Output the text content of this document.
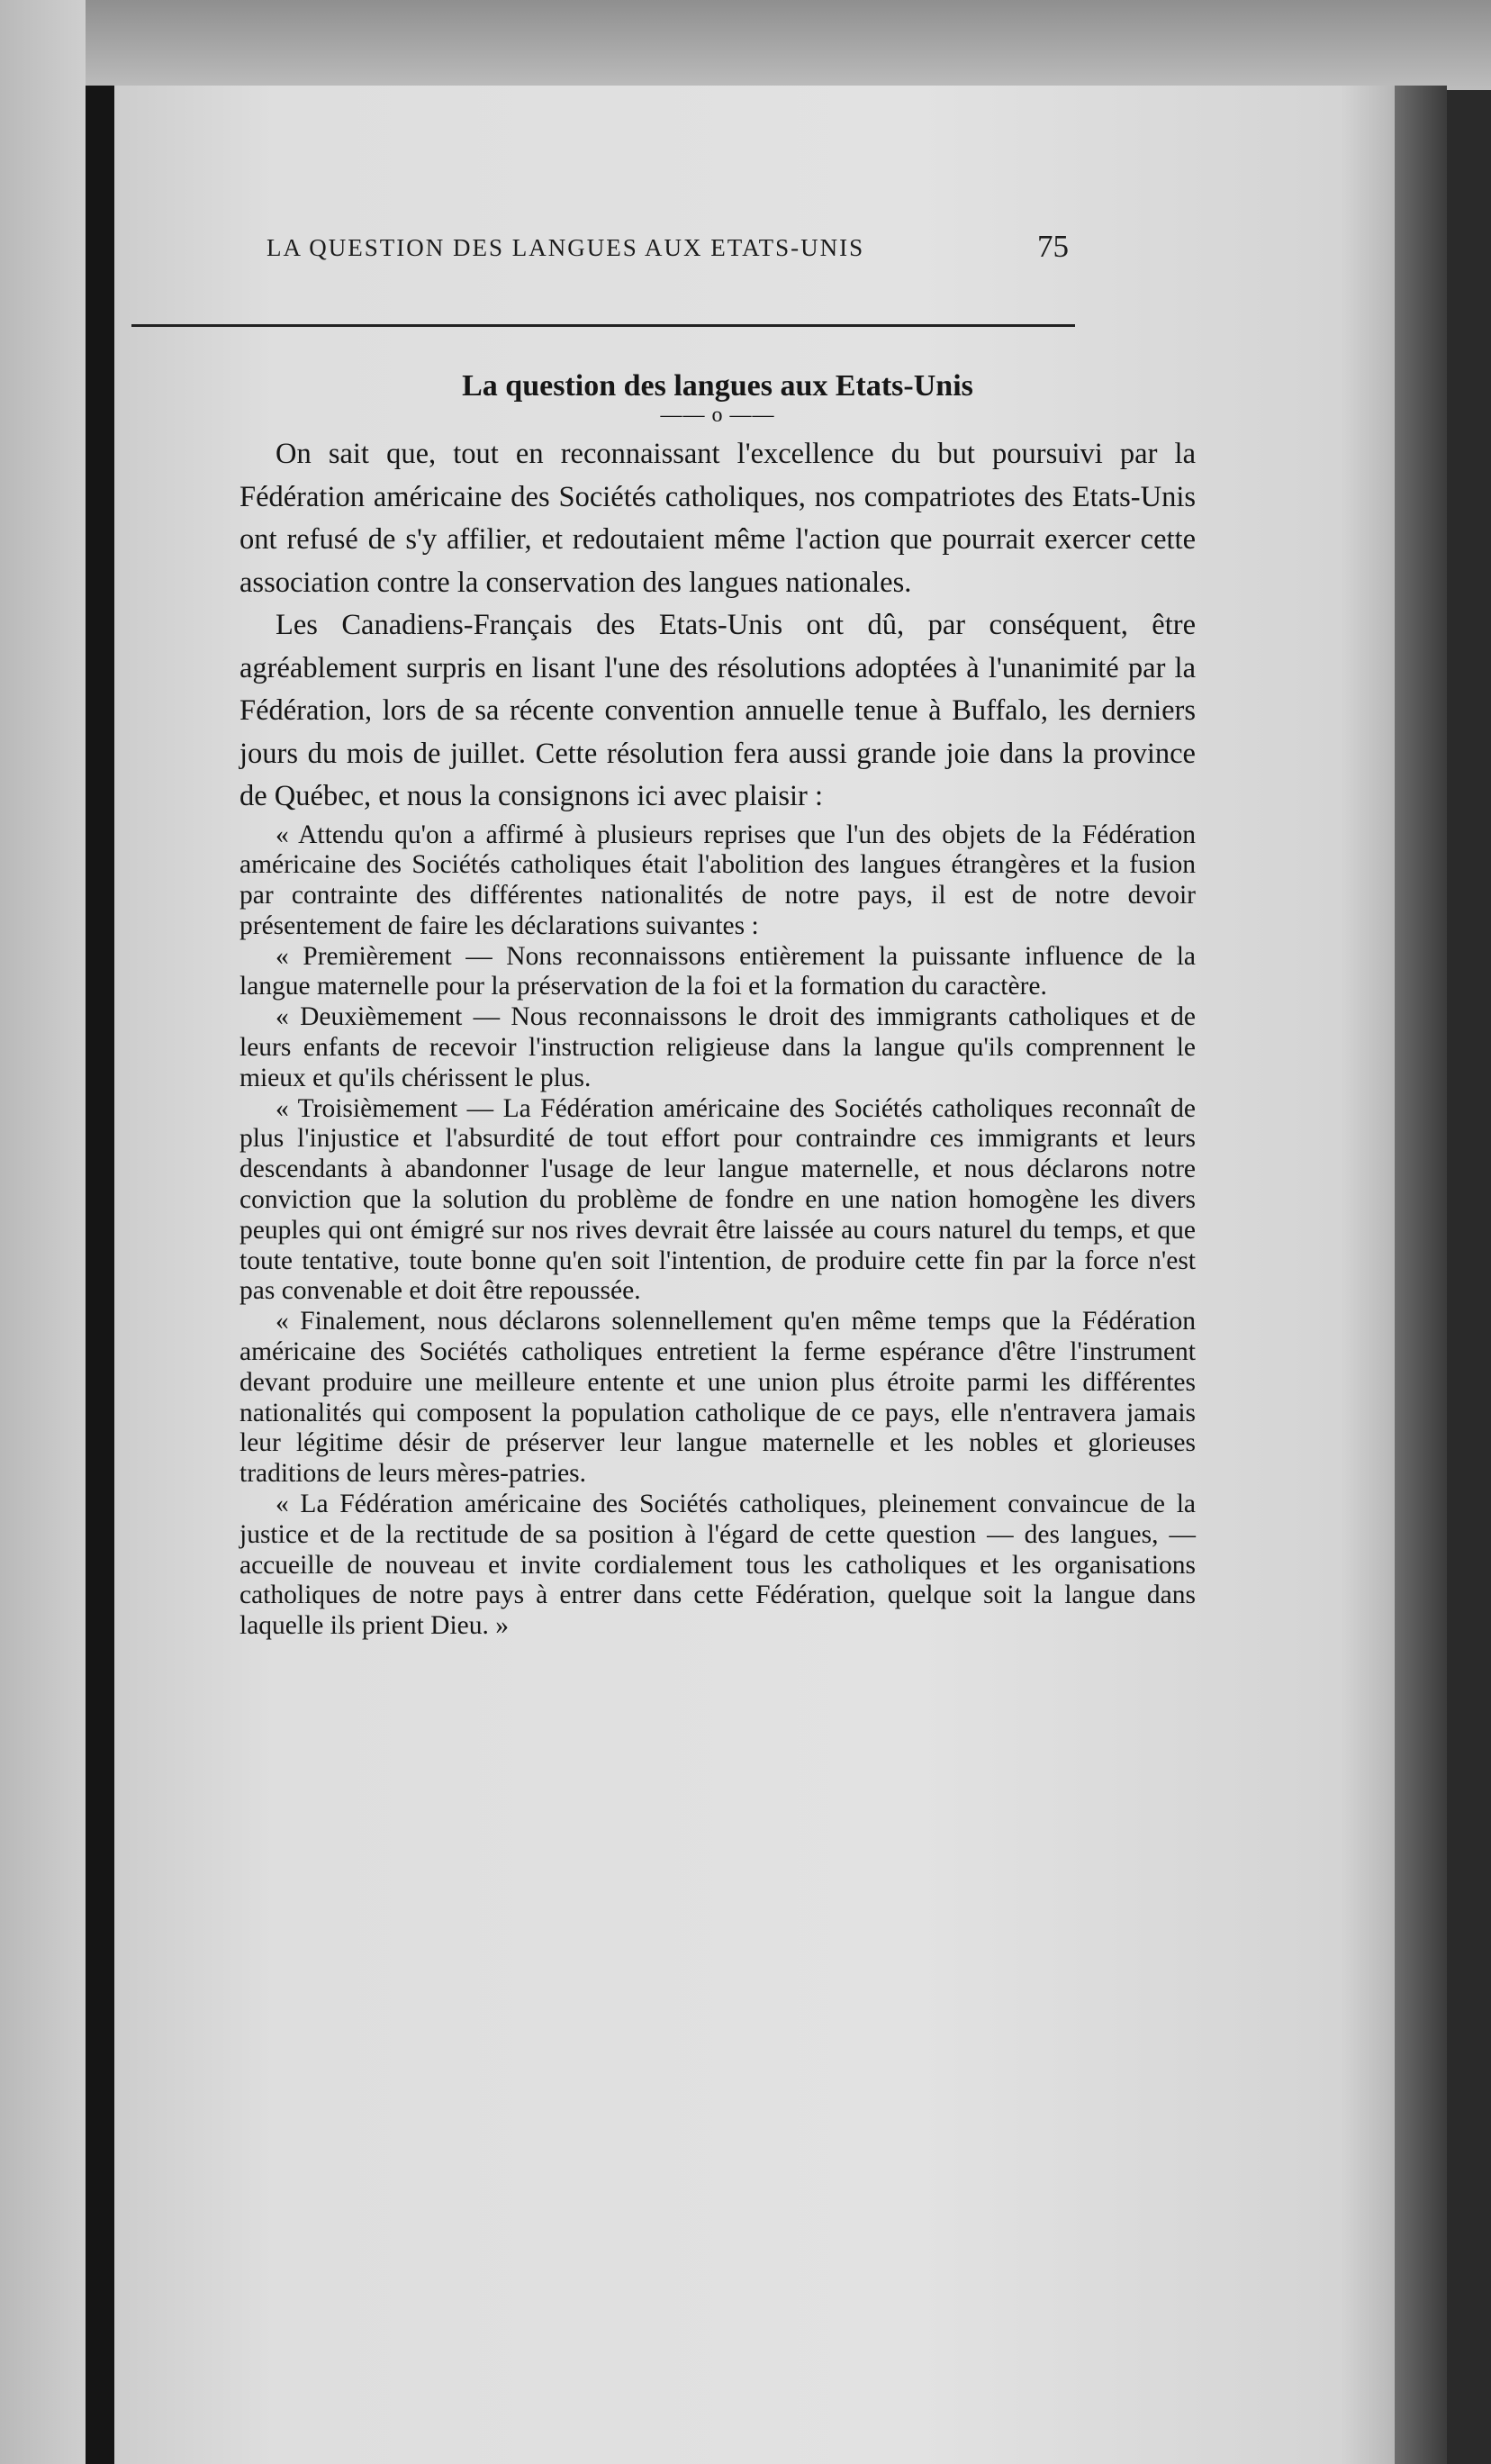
LA QUESTION DES LANGUES AUX ETATS-UNIS	75
La question des langues aux Etats-Unis
—— o ——

On sait que, tout en reconnaissant l'excellence du but poursuivi par la Fédération américaine des Sociétés catholiques, nos compatriotes des Etats-Unis ont refusé de s'y affilier, et redoutaient même l'action que pourrait exercer cette association contre la conservation des langues nationales.

Les Canadiens-Français des Etats-Unis ont dû, par conséquent, être agréablement surpris en lisant l'une des résolutions adoptées à l'unanimité par la Fédération, lors de sa récente convention annuelle tenue à Buffalo, les derniers jours du mois de juillet. Cette résolution fera aussi grande joie dans la province de Québec, et nous la consignons ici avec plaisir :

« Attendu qu'on a affirmé à plusieurs reprises que l'un des objets de la Fédération américaine des Sociétés catholiques était l'abolition des langues étrangères et la fusion par contrainte des différentes nationalités de notre pays, il est de notre devoir présentement de faire les déclarations suivantes :

« Premièrement — Nons reconnaissons entièrement la puissante influence de la langue maternelle pour la préservation de la foi et la formation du caractère.

« Deuxièmement — Nous reconnaissons le droit des immigrants catholiques et de leurs enfants de recevoir l'instruction religieuse dans la langue qu'ils comprennent le mieux et qu'ils chérissent le plus.

« Troisièmement — La Fédération américaine des Sociétés catholiques reconnaît de plus l'injustice et l'absurdité de tout effort pour contraindre ces immigrants et leurs descendants à abandonner l'usage de leur langue maternelle, et nous déclarons notre conviction que la solution du problème de fondre en une nation homogène les divers peuples qui ont émigré sur nos rives devrait être laissée au cours naturel du temps, et que toute tentative, toute bonne qu'en soit l'intention, de produire cette fin par la force n'est pas convenable et doit être repoussée.

« Finalement, nous déclarons solennellement qu'en même temps que la Fédération américaine des Sociétés catholiques entretient la ferme espérance d'être l'instrument devant produire une meilleure entente et une union plus étroite parmi les différentes nationalités qui composent la population catholique de ce pays, elle n'entravera jamais leur légitime désir de préserver leur langue maternelle et les nobles et glorieuses traditions de leurs mères-patries.

« La Fédération américaine des Sociétés catholiques, pleinement convaincue de la justice et de la rectitude de sa position à l'égard de cette question — des langues, — accueille de nouveau et invite cordialement tous les catholiques et les organisations catholiques de notre pays à entrer dans cette Fédération, quelque soit la langue dans laquelle ils prient Dieu. »
